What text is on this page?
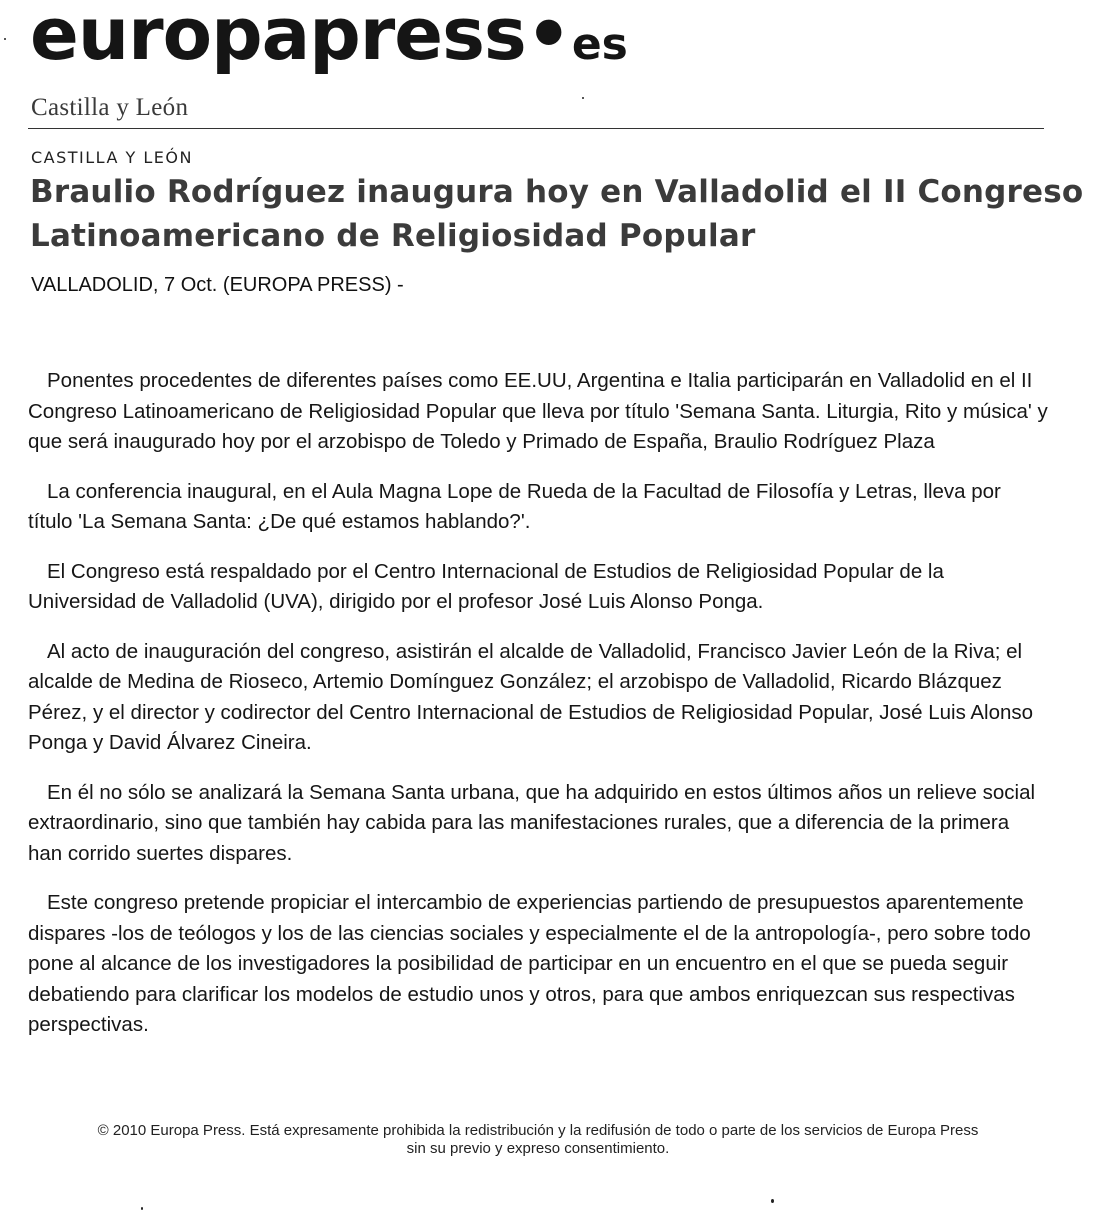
europapress•es
Castilla y León
CASTILLA Y LEÓN
Braulio Rodríguez inaugura hoy en Valladolid el II Congreso Latinoamericano de Religiosidad Popular
VALLADOLID, 7 Oct. (EUROPA PRESS) -

Ponentes procedentes de diferentes países como EE.UU, Argentina e Italia participarán en Valladolid en el II Congreso Latinoamericano de Religiosidad Popular que lleva por título 'Semana Santa. Liturgia, Rito y música' y que será inaugurado hoy por el arzobispo de Toledo y Primado de España, Braulio Rodríguez Plaza

La conferencia inaugural, en el Aula Magna Lope de Rueda de la Facultad de Filosofía y Letras, lleva por título 'La Semana Santa: ¿De qué estamos hablando?'.

El Congreso está respaldado por el Centro Internacional de Estudios de Religiosidad Popular de la Universidad de Valladolid (UVA), dirigido por el profesor José Luis Alonso Ponga.

Al acto de inauguración del congreso, asistirán el alcalde de Valladolid, Francisco Javier León de la Riva; el alcalde de Medina de Rioseco, Artemio Domínguez González; el arzobispo de Valladolid, Ricardo Blázquez Pérez, y el director y codirector del Centro Internacional de Estudios de Religiosidad Popular, José Luis Alonso Ponga y David Álvarez Cineira.

En él no sólo se analizará la Semana Santa urbana, que ha adquirido en estos últimos años un relieve social extraordinario, sino que también hay cabida para las manifestaciones rurales, que a diferencia de la primera han corrido suertes dispares.

Este congreso pretende propiciar el intercambio de experiencias partiendo de presupuestos aparentemente dispares -los de teólogos y los de las ciencias sociales y especialmente el de la antropología-, pero sobre todo pone al alcance de los investigadores la posibilidad de participar en un encuentro en el que se pueda seguir debatiendo para clarificar los modelos de estudio unos y otros, para que ambos enriquezcan sus respectivas perspectivas.

© 2010 Europa Press. Está expresamente prohibida la redistribución y la redifusión de todo o parte de los servicios de Europa Press
sin su previo y expreso consentimiento.
